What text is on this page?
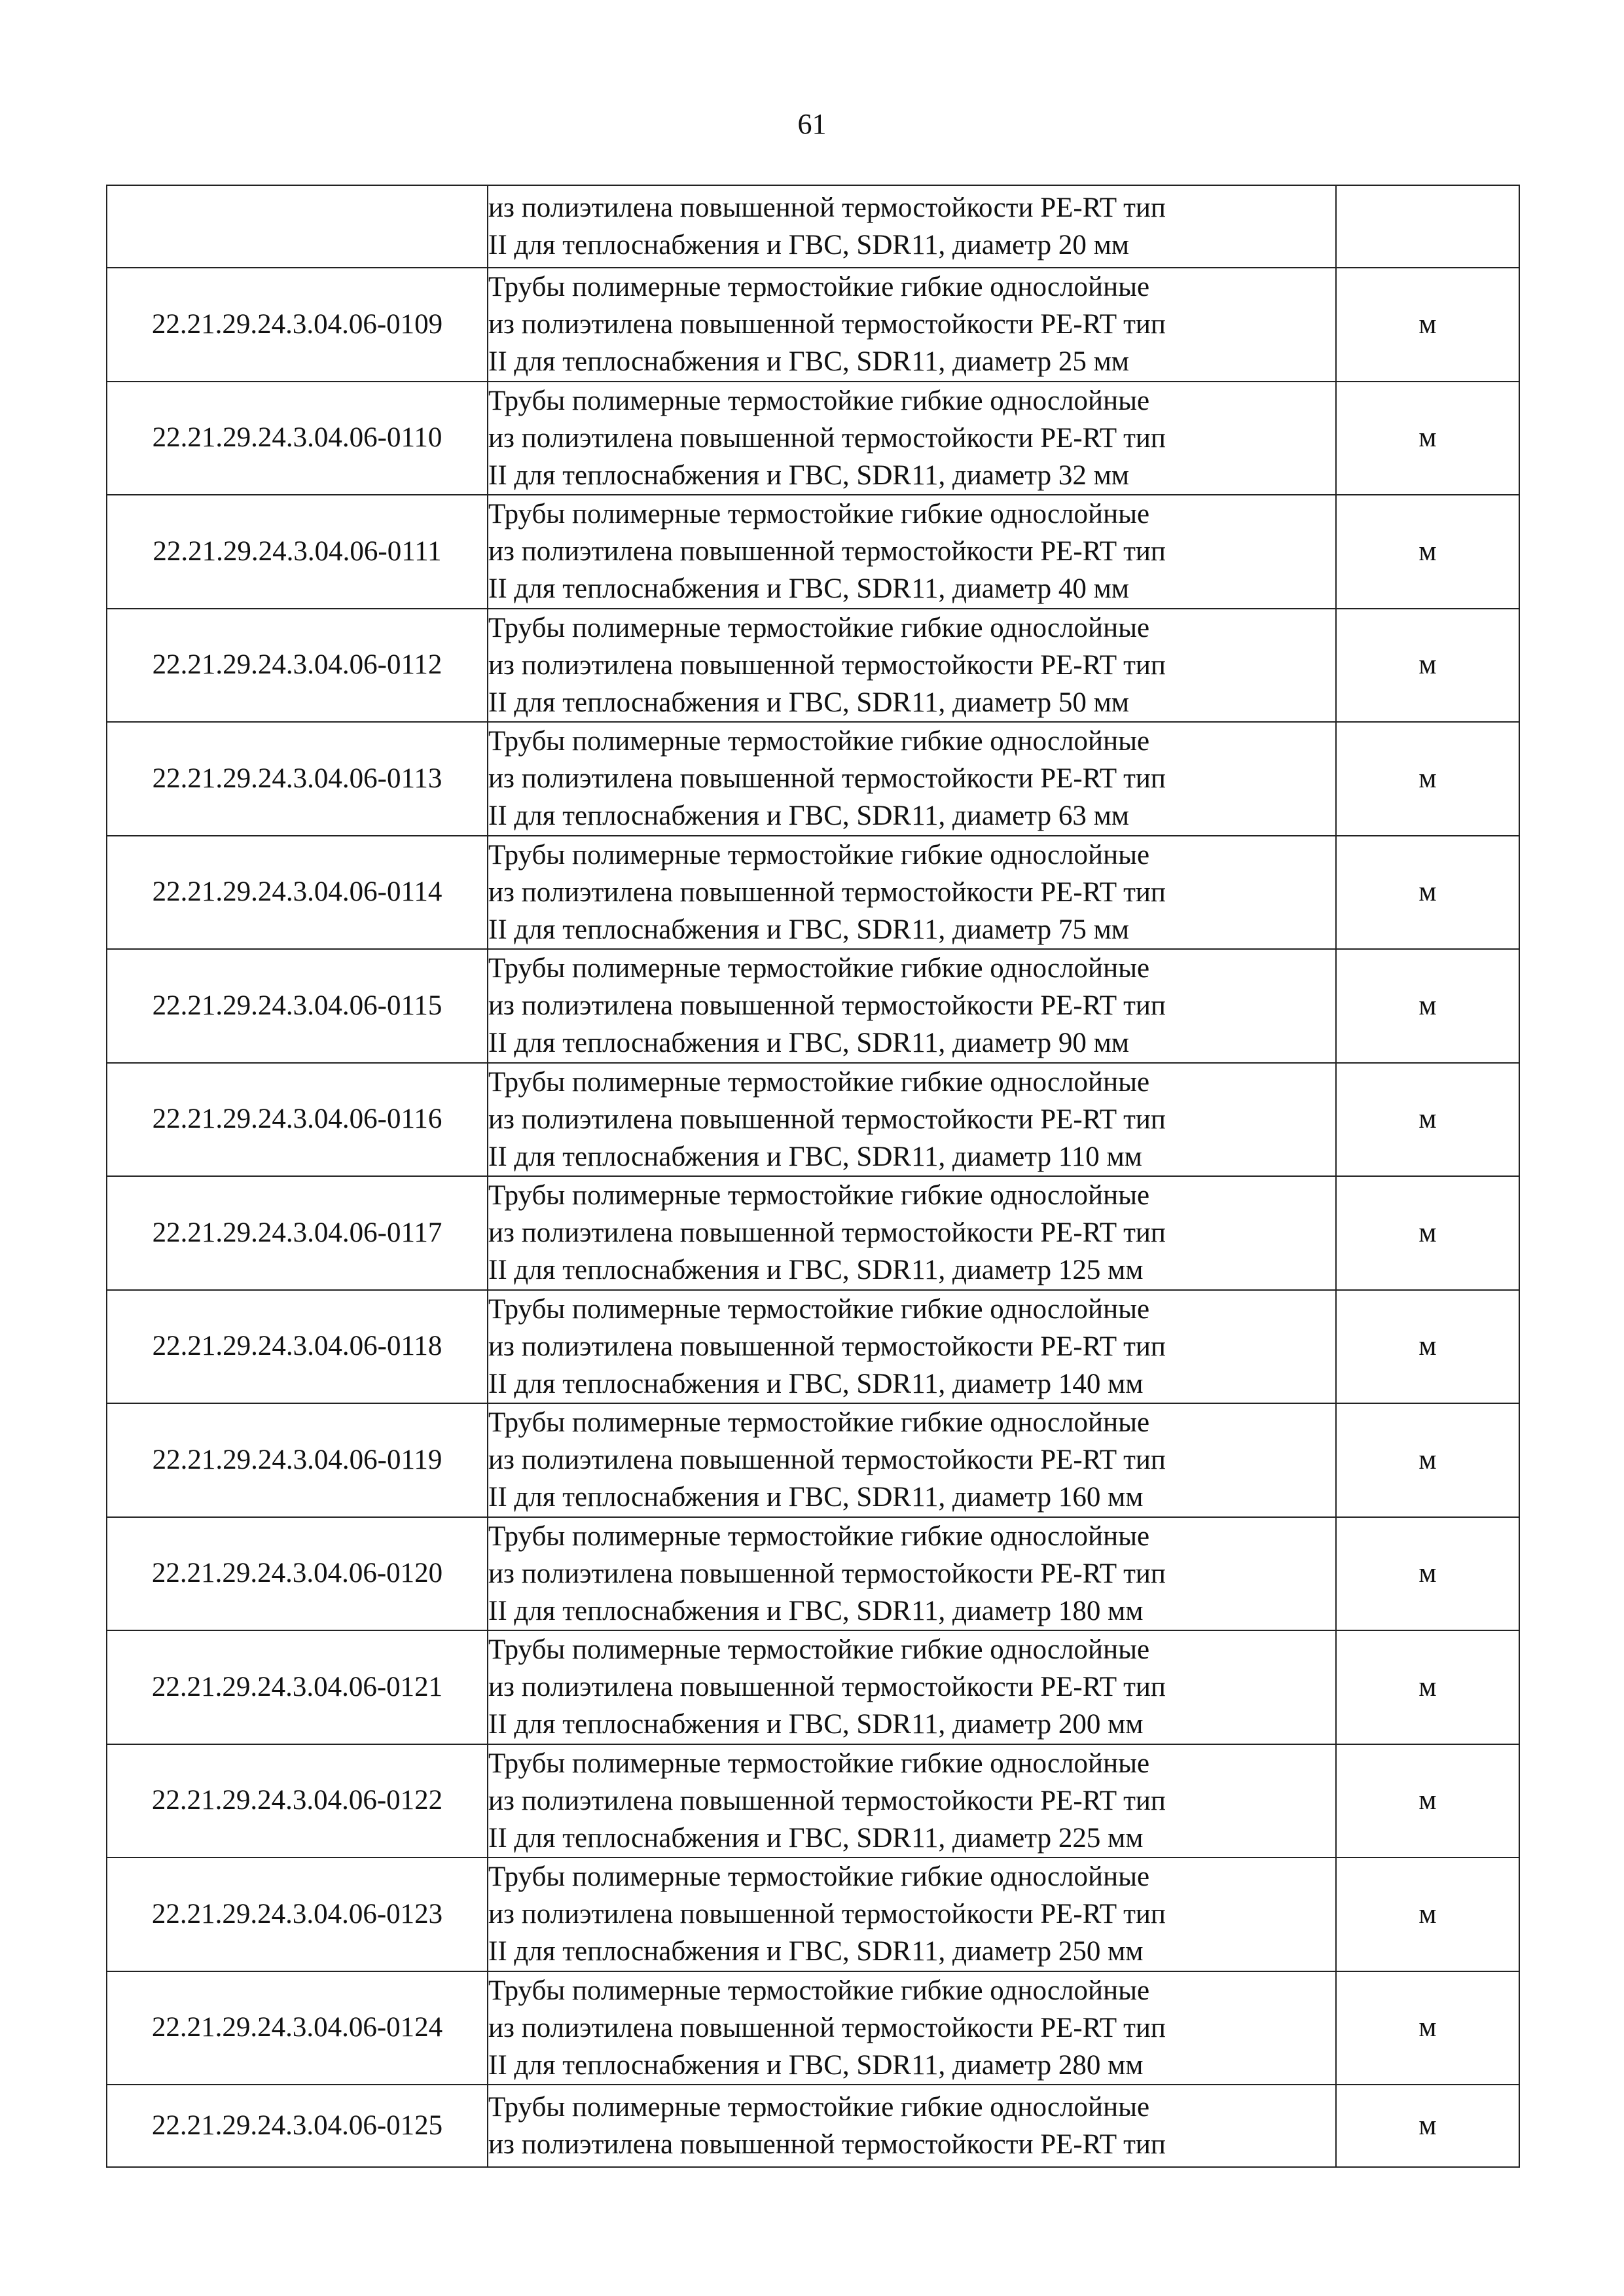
61

	из полиэтилена повышенной термостойкости PE-RT тип
II для теплоснабжения и ГВС, SDR11, диаметр 20 мм	

22.21.29.24.3.04.06-0109	Трубы полимерные термостойкие гибкие однослойные
из полиэтилена повышенной термостойкости PE-RT тип
II для теплоснабжения и ГВС, SDR11, диаметр 25 мм	м
22.21.29.24.3.04.06-0110	Трубы полимерные термостойкие гибкие однослойные
из полиэтилена повышенной термостойкости PE-RT тип
II для теплоснабжения и ГВС, SDR11, диаметр 32 мм	м
22.21.29.24.3.04.06-0111	Трубы полимерные термостойкие гибкие однослойные
из полиэтилена повышенной термостойкости PE-RT тип
II для теплоснабжения и ГВС, SDR11, диаметр 40 мм	м
22.21.29.24.3.04.06-0112	Трубы полимерные термостойкие гибкие однослойные
из полиэтилена повышенной термостойкости PE-RT тип
II для теплоснабжения и ГВС, SDR11, диаметр 50 мм	м
22.21.29.24.3.04.06-0113	Трубы полимерные термостойкие гибкие однослойные
из полиэтилена повышенной термостойкости PE-RT тип
II для теплоснабжения и ГВС, SDR11, диаметр 63 мм	м
22.21.29.24.3.04.06-0114	Трубы полимерные термостойкие гибкие однослойные
из полиэтилена повышенной термостойкости PE-RT тип
II для теплоснабжения и ГВС, SDR11, диаметр 75 мм	м
22.21.29.24.3.04.06-0115	Трубы полимерные термостойкие гибкие однослойные
из полиэтилена повышенной термостойкости PE-RT тип
II для теплоснабжения и ГВС, SDR11, диаметр 90 мм	м
22.21.29.24.3.04.06-0116	Трубы полимерные термостойкие гибкие однослойные
из полиэтилена повышенной термостойкости PE-RT тип
II для теплоснабжения и ГВС, SDR11, диаметр 110 мм	м
22.21.29.24.3.04.06-0117	Трубы полимерные термостойкие гибкие однослойные
из полиэтилена повышенной термостойкости PE-RT тип
II для теплоснабжения и ГВС, SDR11, диаметр 125 мм	м
22.21.29.24.3.04.06-0118	Трубы полимерные термостойкие гибкие однослойные
из полиэтилена повышенной термостойкости PE-RT тип
II для теплоснабжения и ГВС, SDR11, диаметр 140 мм	м
22.21.29.24.3.04.06-0119	Трубы полимерные термостойкие гибкие однослойные
из полиэтилена повышенной термостойкости PE-RT тип
II для теплоснабжения и ГВС, SDR11, диаметр 160 мм	м
22.21.29.24.3.04.06-0120	Трубы полимерные термостойкие гибкие однослойные
из полиэтилена повышенной термостойкости PE-RT тип
II для теплоснабжения и ГВС, SDR11, диаметр 180 мм	м
22.21.29.24.3.04.06-0121	Трубы полимерные термостойкие гибкие однослойные
из полиэтилена повышенной термостойкости PE-RT тип
II для теплоснабжения и ГВС, SDR11, диаметр 200 мм	м
22.21.29.24.3.04.06-0122	Трубы полимерные термостойкие гибкие однослойные
из полиэтилена повышенной термостойкости PE-RT тип
II для теплоснабжения и ГВС, SDR11, диаметр 225 мм	м
22.21.29.24.3.04.06-0123	Трубы полимерные термостойкие гибкие однослойные
из полиэтилена повышенной термостойкости PE-RT тип
II для теплоснабжения и ГВС, SDR11, диаметр 250 мм	м
22.21.29.24.3.04.06-0124	Трубы полимерные термостойкие гибкие однослойные
из полиэтилена повышенной термостойкости PE-RT тип
II для теплоснабжения и ГВС, SDR11, диаметр 280 мм	м
22.21.29.24.3.04.06-0125	Трубы полимерные термостойкие гибкие однослойные
из полиэтилена повышенной термостойкости PE-RT тип	м
